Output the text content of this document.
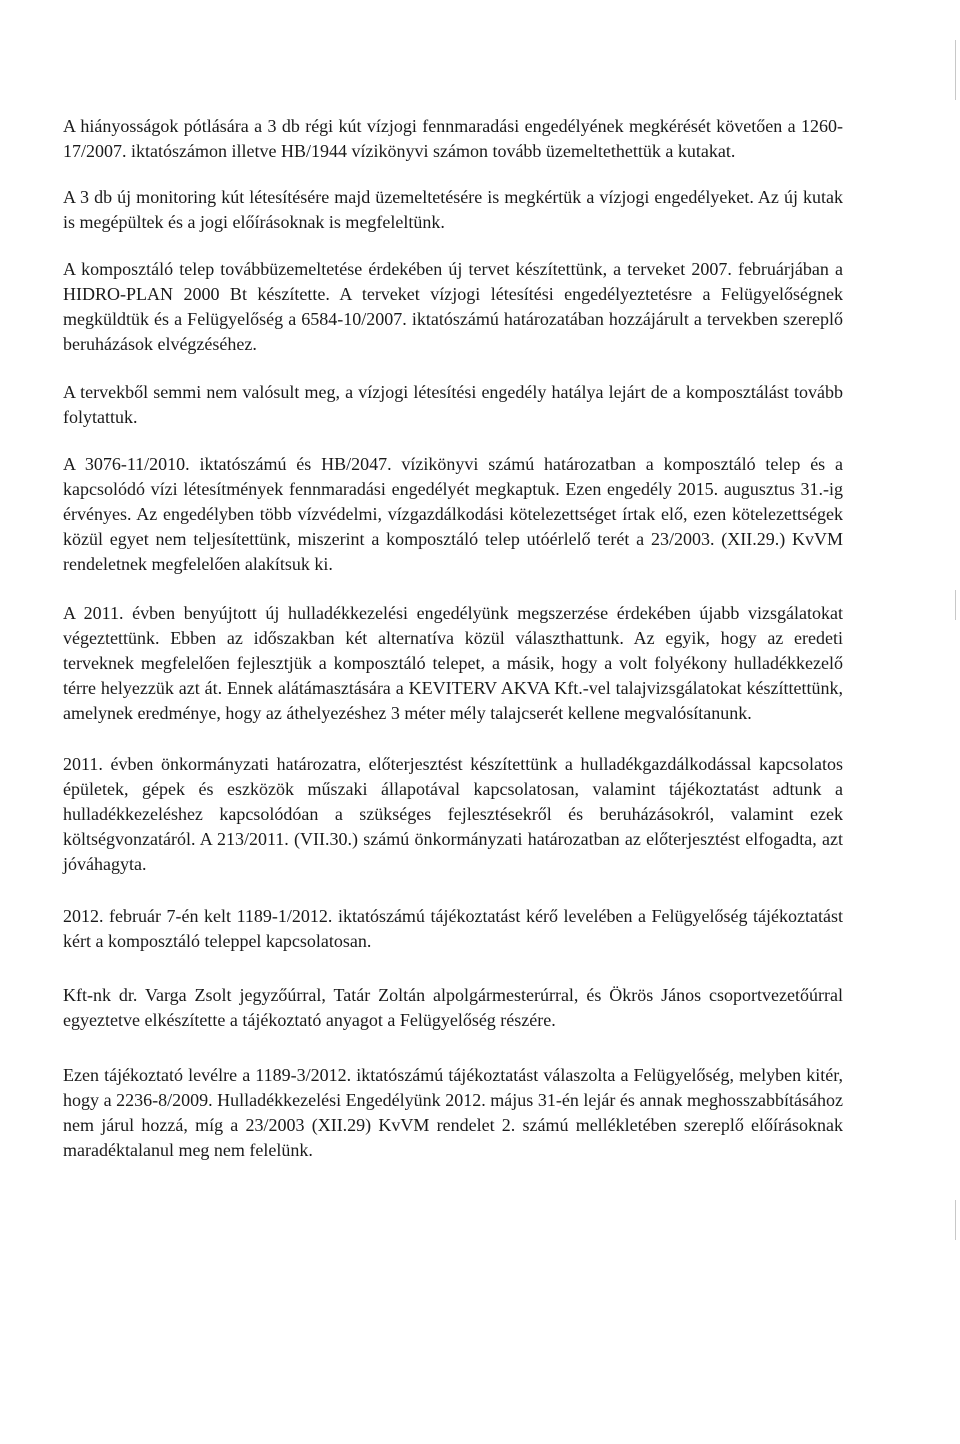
A hiányosságok pótlására a 3 db régi kút vízjogi fennmaradási engedélyének megkérését követően a 1260-17/2007. iktatószámon illetve HB/1944 vízikönyvi számon tovább üzemeltethettük a kutakat.

A 3 db új monitoring kút létesítésére majd üzemeltetésére is megkértük a vízjogi engedélyeket. Az új kutak is megépültek és a jogi előírásoknak is megfeleltünk.

A komposztáló telep továbbüzemeltetése érdekében új tervet készítettünk, a terveket 2007. februárjában a HIDRO-PLAN 2000 Bt készítette. A terveket vízjogi létesítési engedélyeztetésre a Felügyelőségnek megküldtük és a Felügyelőség a 6584-10/2007. iktatószámú határozatában hozzájárult a tervekben szereplő beruházások elvégzéséhez.

A tervekből semmi nem valósult meg, a vízjogi létesítési engedély hatálya lejárt de a komposztálást tovább folytattuk.

A 3076-11/2010. iktatószámú és HB/2047. vízikönyvi számú határozatban a komposztáló telep és a kapcsolódó vízi létesítmények fennmaradási engedélyét megkaptuk. Ezen engedély 2015. augusztus 31.-ig érvényes. Az engedélyben több vízvédelmi, vízgazdálkodási kötelezettséget írtak elő, ezen kötelezettségek közül egyet nem teljesítettünk, miszerint a komposztáló telep utóérlelő terét a 23/2003. (XII.29.) KvVM rendeletnek megfelelően alakítsuk ki.

A 2011. évben benyújtott új hulladékkezelési engedélyünk megszerzése érdekében újabb vizsgálatokat végeztettünk. Ebben az időszakban két alternatíva közül választhattunk. Az egyik, hogy az eredeti terveknek megfelelően fejlesztjük a komposztáló telepet, a másik, hogy a volt folyékony hulladékkezelő térre helyezzük azt át. Ennek alátámasztására a KEVITERV AKVA Kft.-vel talajvizsgálatokat készíttettünk, amelynek eredménye, hogy az áthelyezéshez 3 méter mély talajcserét kellene megvalósítanunk.

2011. évben önkormányzati határozatra, előterjesztést készítettünk a hulladékgazdálkodással kapcsolatos épületek, gépek és eszközök műszaki állapotával kapcsolatosan, valamint tájékoztatást adtunk a hulladékkezeléshez kapcsolódóan a szükséges fejlesztésekről és beruházásokról, valamint ezek költségvonzatáról. A 213/2011. (VII.30.) számú önkormányzati határozatban az előterjesztést elfogadta, azt jóváhagyta.

2012. február 7-én kelt 1189-1/2012. iktatószámú tájékoztatást kérő levelében a Felügyelőség tájékoztatást kért a komposztáló teleppel kapcsolatosan.

Kft-nk dr. Varga Zsolt jegyzőúrral, Tatár Zoltán alpolgármesterúrral, és Ökrös János csoportvezetőúrral egyeztetve elkészítette a tájékoztató anyagot a Felügyelőség részére.

Ezen tájékoztató levélre a 1189-3/2012. iktatószámú tájékoztatást válaszolta a Felügyelőség, melyben kitér, hogy a 2236-8/2009. Hulladékkezelési Engedélyünk 2012. május 31-én lejár és annak meghosszabbításához nem járul hozzá, míg a 23/2003 (XII.29) KvVM rendelet 2. számú mellékletében szereplő előírásoknak maradéktalanul meg nem felelünk.
